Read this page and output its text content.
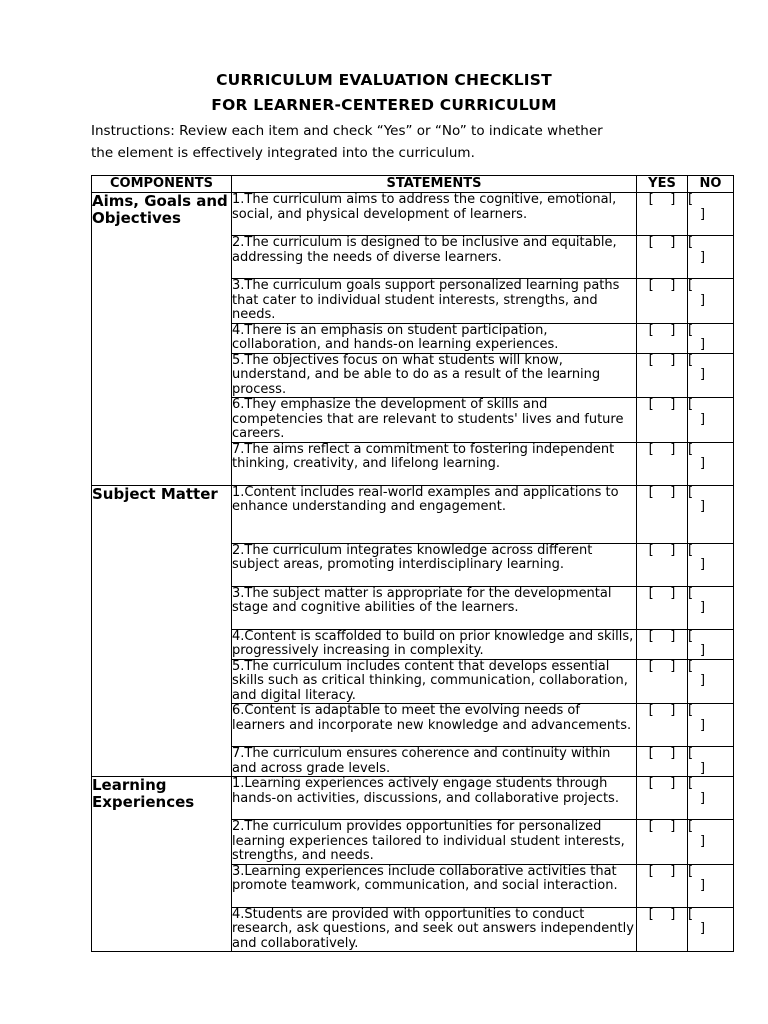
CURRICULUM EVALUATION CHECKLIST
FOR LEARNER-CENTERED CURRICULUM
Instructions: Review each item and check “Yes” or “No” to indicate whether
the element is effectively integrated into the curriculum.
COMPONENTS	STATEMENTS	YES	NO
Aims, Goals and Objectives	1.The curriculum aims to address the cognitive, emotional, social, and physical development of learners.	[    ]	[
]

	2.The curriculum is designed to be inclusive and equitable, addressing the needs of diverse learners.	[    ]	[
]

	3.The curriculum goals support personalized learning paths that cater to individual student interests, strengths, and needs.	[    ]	[
]

	4.There is an emphasis on student participation, collaboration, and hands-on learning experiences.	[    ]	[
]

	5.The objectives focus on what students will know, understand, and be able to do as a result of the learning process.	[    ]	[
]

	6.They emphasize the development of skills and competencies that are relevant to students' lives and future careers.	[    ]	[
]

	7.The aims reflect a commitment to fostering independent thinking, creativity, and lifelong learning.	[    ]	[
]

Subject Matter	1.Content includes real-world examples and applications to enhance understanding and engagement.	[    ]	[
]

	2.The curriculum integrates knowledge across different subject areas, promoting interdisciplinary learning.	[    ]	[
]

	3.The subject matter is appropriate for the developmental stage and cognitive abilities of the learners.	[    ]	[
]

	4.Content is scaffolded to build on prior knowledge and skills, progressively increasing in complexity.	[    ]	[
]

	5.The curriculum includes content that develops essential skills such as critical thinking, communication, collaboration, and digital literacy.	[    ]	[
]

	6.Content is adaptable to meet the evolving needs of learners and incorporate new knowledge and advancements.	[    ]	[
]

	7.The curriculum ensures coherence and continuity within and across grade levels.	[    ]	[
]

Learning Experiences	1.Learning experiences actively engage students through hands-on activities, discussions, and collaborative projects.	[    ]	[
]

	2.The curriculum provides opportunities for personalized learning experiences tailored to individual student interests, strengths, and needs.	[    ]	[
]

	3.Learning experiences include collaborative activities that promote teamwork, communication, and social interaction.	[    ]	[
]

	4.Students are provided with opportunities to conduct research, ask questions, and seek out answers independently and collaboratively.	[    ]	[
]
